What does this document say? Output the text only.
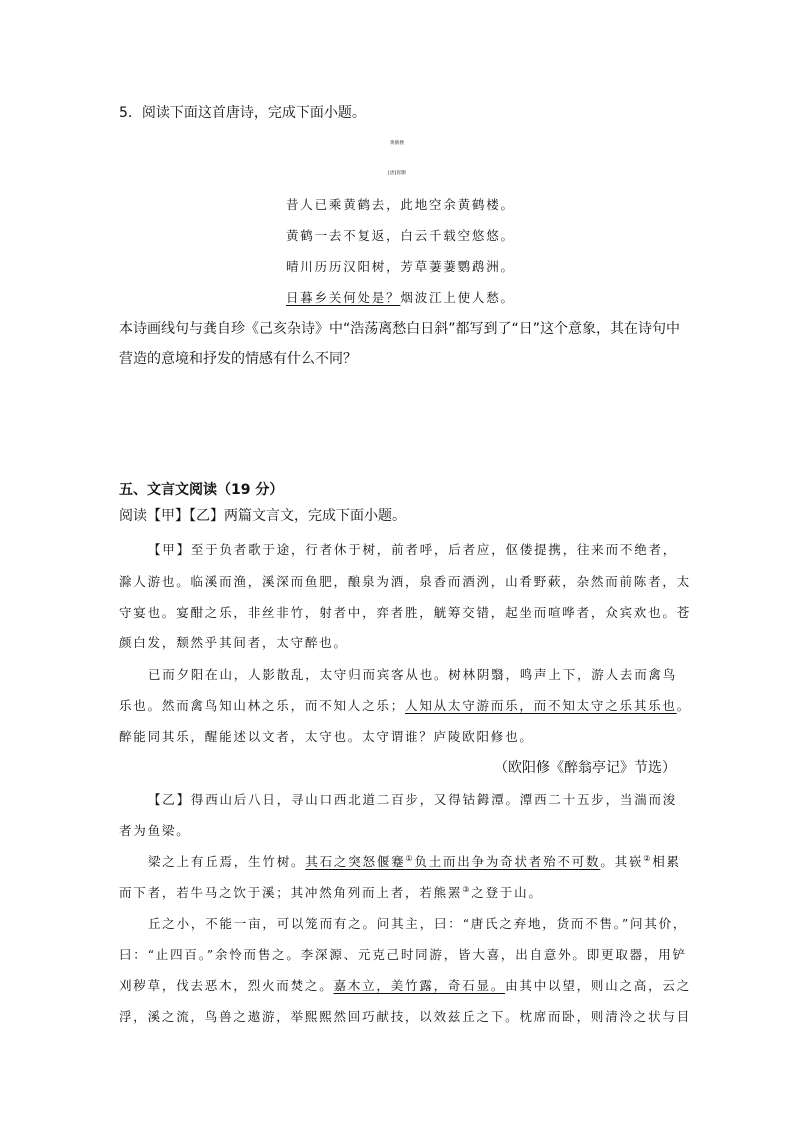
5．阅读下面这首唐诗，完成下面小题。
黄鹤楼
[唐]崔颢
昔人已乘黄鹤去，此地空余黄鹤楼。
黄鹤一去不复返，白云千载空悠悠。
晴川历历汉阳树，芳草萋萋鹦鹉洲。
日暮乡关何处是？烟波江上使人愁。
本诗画线句与龚自珍《己亥杂诗》中“浩荡离愁白日斜”都写到了“日”这个意象，其在诗句中
营造的意境和抒发的情感有什么不同？
五、文言文阅读（19 分）
阅读【甲】【乙】两篇文言文，完成下面小题。
【甲】至于负者歌于途，行者休于树，前者呼，后者应，伛偻提携，往来而不绝者，
滁人游也。临溪而渔，溪深而鱼肥，酿泉为酒，泉香而酒洌，山肴野蔌，杂然而前陈者，太
守宴也。宴酣之乐，非丝非竹，射者中，弈者胜，觥筹交错，起坐而喧哗者，众宾欢也。苍
颜白发，颓然乎其间者，太守醉也。
已而夕阳在山，人影散乱，太守归而宾客从也。树林阴翳，鸣声上下，游人去而禽鸟
乐也。然而禽鸟知山林之乐，而不知人之乐；人知从太守游而乐，而不知太守之乐其乐也。
醉能同其乐，醒能述以文者，太守也。太守谓谁？庐陵欧阳修也。
（欧阳修《醉翁亭记》节选）
【乙】得西山后八日，寻山口西北道二百步，又得钴鉧潭。潭西二十五步，当湍而浚
者为鱼梁。
梁之上有丘焉，生竹树。其石之突怒偃蹇①负土而出争为奇状者殆不可数。其嵚②相累
而下者，若牛马之饮于溪；其冲然角列而上者，若熊罴③之登于山。
丘之小，不能一亩，可以笼而有之。问其主，曰：“唐氏之弃地，货而不售。”问其价，
曰：“止四百。”余怜而售之。李深源、元克己时同游，皆大喜，出自意外。即更取器，用铲
刈秽草，伐去恶木，烈火而焚之。嘉木立，美竹露，奇石显。由其中以望，则山之高，云之
浮，溪之流，鸟兽之遨游，举熙熙然回巧献技，以效兹丘之下。枕席而卧，则清泠之状与目
